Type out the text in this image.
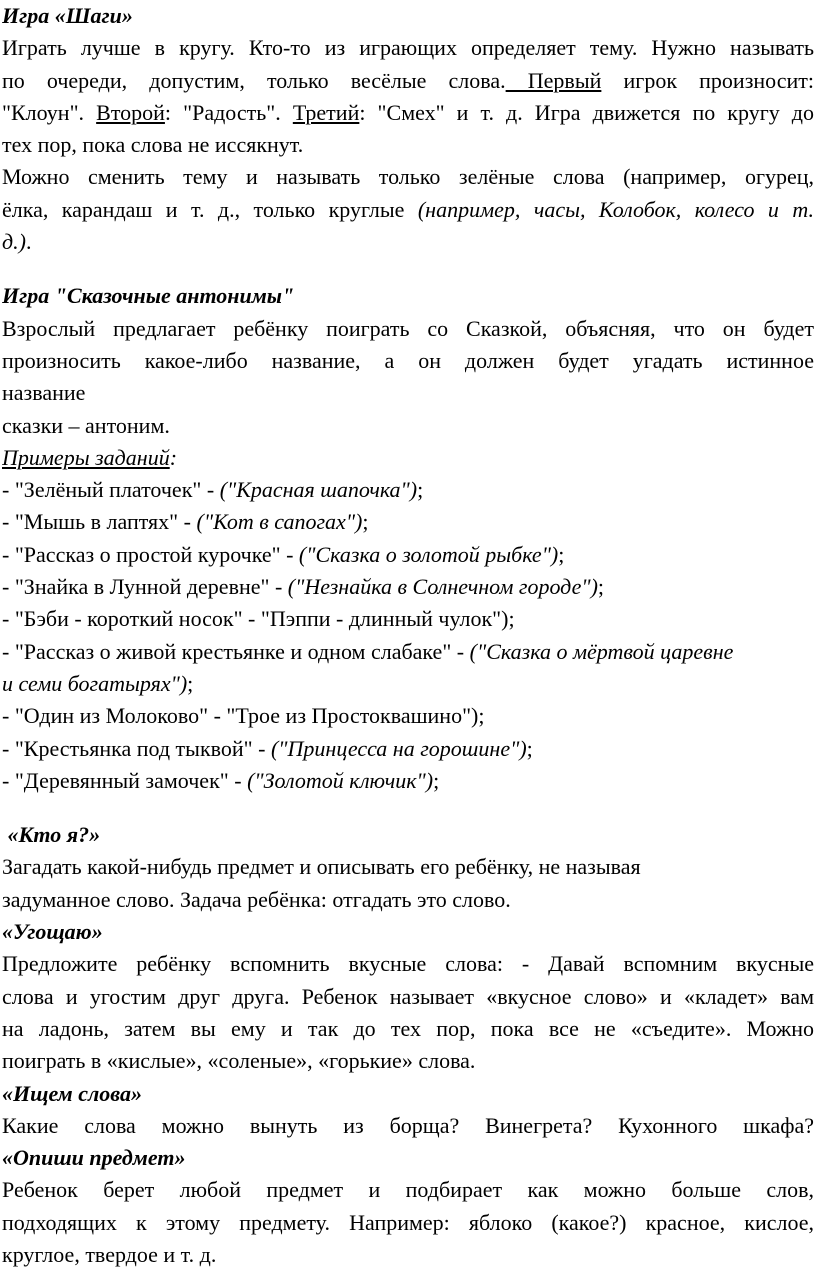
Игра «Шаги»
Играть лучше в кругу. Кто-то из играющих определяет тему. Нужно называть
по очереди, допустим, только весёлые слова. Первый игрок произносит:
"Клоун". Второй: "Радость". Третий: "Смех" и т. д. Игра движется по кругу до
тех пор, пока слова не иссякнут.
Можно сменить тему и называть только зелёные слова (например, огурец,
ёлка, карандаш и т. д., только круглые (например, часы, Колобок, колесо и т.
д.).
Игра "Сказочные антонимы"
Взрослый предлагает ребёнку поиграть со Сказкой, объясняя, что он будет
произносить какое-либо название, а он должен будет угадать истинное
название
сказки – антоним.
Примеры заданий:
- "Зелёный платочек" - ("Красная шапочка");
- "Мышь в лаптях" - ("Кот в сапогах");
- "Рассказ о простой курочке" - ("Сказка о золотой рыбке");
- "Знайка в Лунной деревне" - ("Незнайка в Солнечном городе");
- "Бэби - короткий носок" - "Пэппи - длинный чулок");
- "Рассказ о живой крестьянке и одном слабаке" - ("Сказка о мёртвой царевне
и семи богатырях");
- "Один из Молоково" - "Трое из Простоквашино");
- "Крестьянка под тыквой" - ("Принцесса на горошине");
- "Деревянный замочек" - ("Золотой ключик");
«Кто я?»
Загадать какой-нибудь предмет и описывать его ребёнку, не называя
задуманное слово. Задача ребёнка: отгадать это слово.
«Угощаю»
Предложите ребёнку вспомнить вкусные слова: - Давай вспомним вкусные
слова и угостим друг друга. Ребенок называет «вкусное слово» и «кладет» вам
на ладонь, затем вы ему и так до тех пор, пока все не «съедите». Можно
поиграть в «кислые», «соленые», «горькие» слова.
«Ищем слова»
Какие слова можно вынуть из борща? Винегрета? Кухонного шкафа?
«Опиши предмет»
Ребенок берет любой предмет и подбирает как можно больше слов,
подходящих к этому предмету. Например: яблоко (какое?) красное, кислое,
круглое, твердое и т. д.
